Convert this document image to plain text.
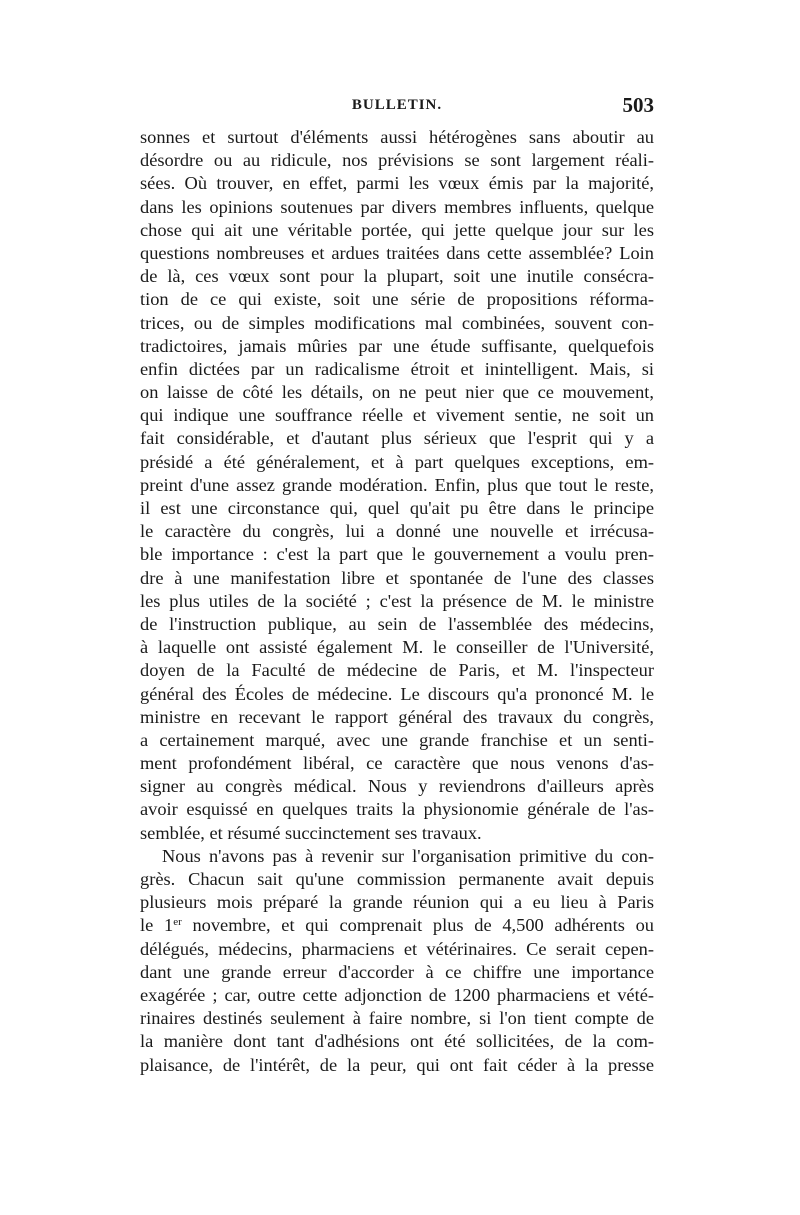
BULLETIN.	503
sonnes et surtout d'éléments aussi hétérogènes sans aboutir au
désordre ou au ridicule, nos prévisions se sont largement réali-
sées. Où trouver, en effet, parmi les vœux émis par la majorité,
dans les opinions soutenues par divers membres influents, quelque
chose qui ait une véritable portée, qui jette quelque jour sur les
questions nombreuses et ardues traitées dans cette assemblée? Loin
de là, ces vœux sont pour la plupart, soit une inutile consécra-
tion de ce qui existe, soit une série de propositions réforma-
trices, ou de simples modifications mal combinées, souvent con-
tradictoires, jamais mûries par une étude suffisante, quelquefois
enfin dictées par un radicalisme étroit et inintelligent. Mais, si
on laisse de côté les détails, on ne peut nier que ce mouvement,
qui indique une souffrance réelle et vivement sentie, ne soit un
fait considérable, et d'autant plus sérieux que l'esprit qui y a
présidé a été généralement, et à part quelques exceptions, em-
preint d'une assez grande modération. Enfin, plus que tout le reste,
il est une circonstance qui, quel qu'ait pu être dans le principe
le caractère du congrès, lui a donné une nouvelle et irrécusa-
ble importance : c'est la part que le gouvernement a voulu pren-
dre à une manifestation libre et spontanée de l'une des classes
les plus utiles de la société ; c'est la présence de M. le ministre
de l'instruction publique, au sein de l'assemblée des médecins,
à laquelle ont assisté également M. le conseiller de l'Université,
doyen de la Faculté de médecine de Paris, et M. l'inspecteur
général des Écoles de médecine. Le discours qu'a prononcé M. le
ministre en recevant le rapport général des travaux du congrès,
a certainement marqué, avec une grande franchise et un senti-
ment profondément libéral, ce caractère que nous venons d'as-
signer au congrès médical. Nous y reviendrons d'ailleurs après
avoir esquissé en quelques traits la physionomie générale de l'as-
semblée, et résumé succinctement ses travaux.
Nous n'avons pas à revenir sur l'organisation primitive du con-
grès. Chacun sait qu'une commission permanente avait depuis
plusieurs mois préparé la grande réunion qui a eu lieu à Paris
le 1er novembre, et qui comprenait plus de 4,500 adhérents ou
délégués, médecins, pharmaciens et vétérinaires. Ce serait cepen-
dant une grande erreur d'accorder à ce chiffre une importance
exagérée ; car, outre cette adjonction de 1200 pharmaciens et vété-
rinaires destinés seulement à faire nombre, si l'on tient compte de
la manière dont tant d'adhésions ont été sollicitées, de la com-
plaisance, de l'intérêt, de la peur, qui ont fait céder à la presse
